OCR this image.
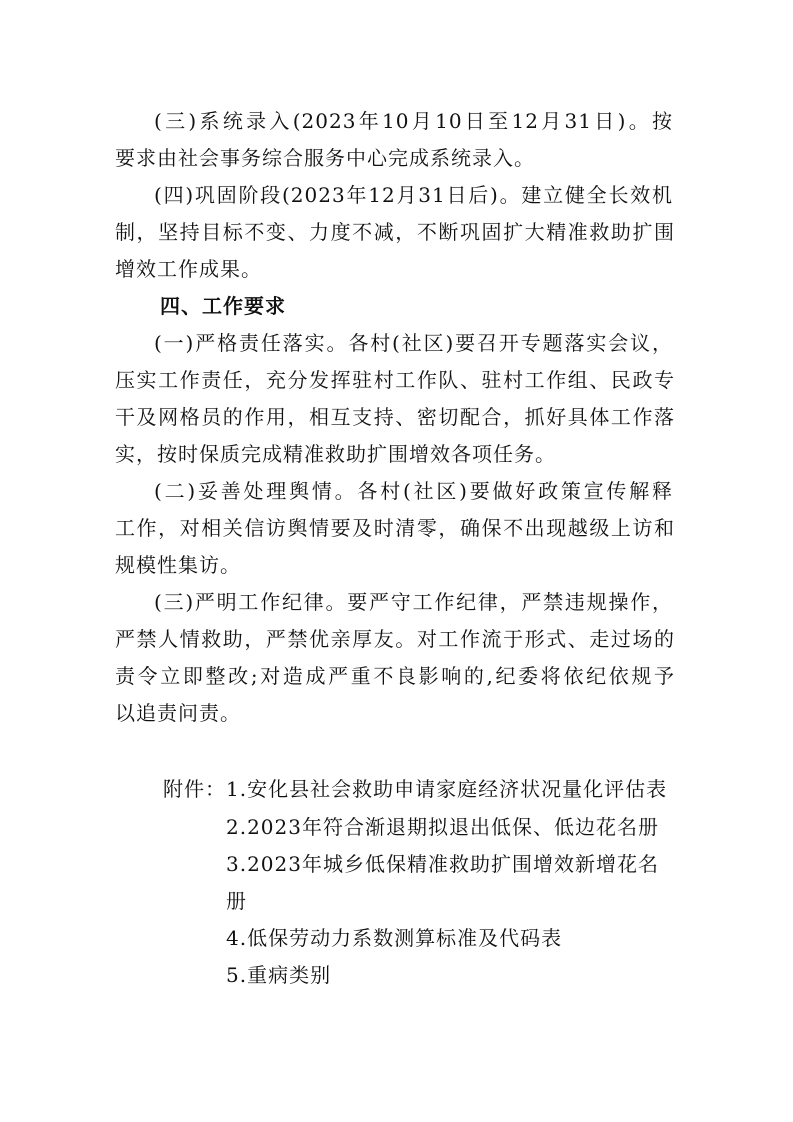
(三)系统录入(2023年10月10日至12月31日)。按
要求由社会事务综合服务中心完成系统录入。
(四)巩固阶段(2023年12月31日后)。建立健全长效机
制，坚持目标不变、力度不减，不断巩固扩大精准救助扩围
增效工作成果。
四、工作要求
(一)严格责任落实。各村(社区)要召开专题落实会议，
压实工作责任，充分发挥驻村工作队、驻村工作组、民政专
干及网格员的作用，相互支持、密切配合，抓好具体工作落
实，按时保质完成精准救助扩围增效各项任务。
(二)妥善处理舆情。各村(社区)要做好政策宣传解释
工作，对相关信访舆情要及时清零，确保不出现越级上访和
规模性集访。
(三)严明工作纪律。要严守工作纪律，严禁违规操作，
严禁人情救助，严禁优亲厚友。对工作流于形式、走过场的
责令立即整改;对造成严重不良影响的,纪委将依纪依规予
以追责问责。
附件： 1.安化县社会救助申请家庭经济状况量化评估表
2.2023年符合渐退期拟退出低保、低边花名册
3.2023年城乡低保精准救助扩围增效新增花名
册
4.低保劳动力系数测算标准及代码表
5.重病类别
